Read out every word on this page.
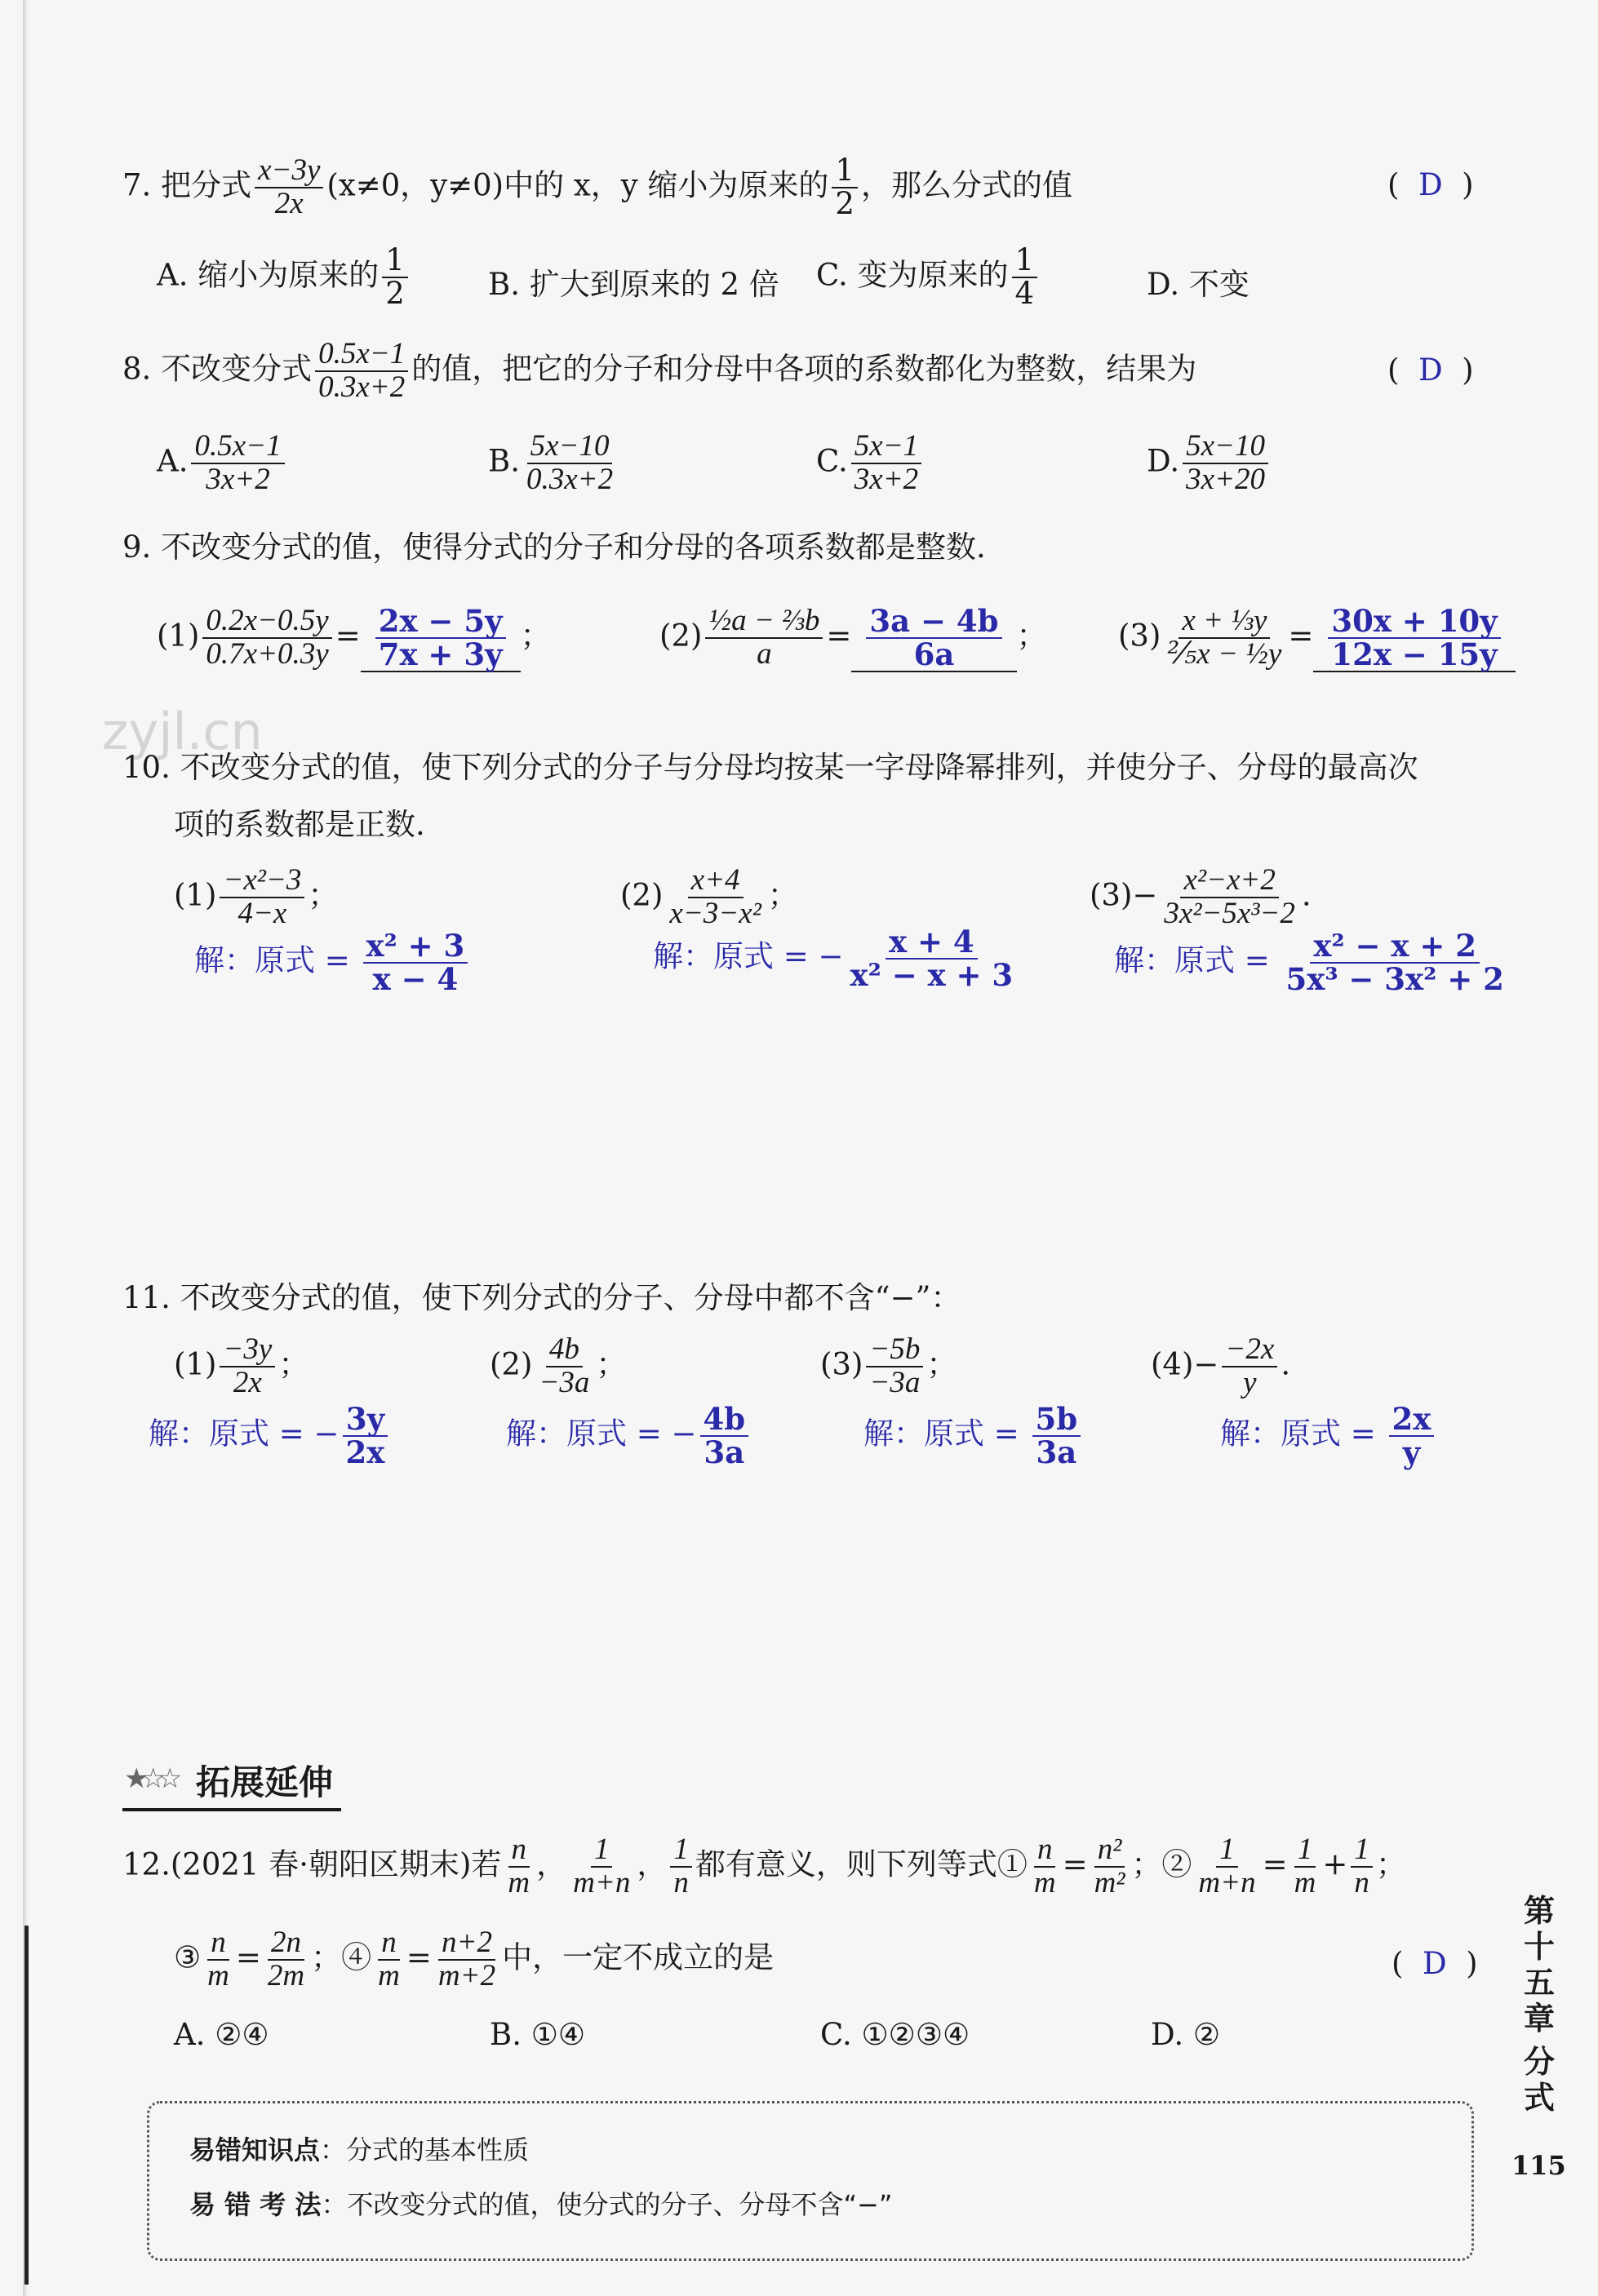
zyjl.cn
7. 把分式 $\frac{x-3y}{2x} (x\ne 0$，y≠0)中的 x，y 缩小为原来的 $\frac{1}{2}$ ，那么分式的值	(  D  )
A. 缩小为原来的 $\frac{1}{2}$	B. 扩大到原来的 2 倍 C. 变为原来的 $\frac{1}{4}$	D. 不变
8. 不改变分式 $\frac{0.5x-1}{0.3x+2}$ 的值，把它的分子和分母中各项的系数都化为整数，结果为	(  D  )
A. $\frac{0.5x-1}{3x+2}$	B. $\frac{5x-10}{0.3x+2}$	C. $\frac{5x-1}{3x+2}$	D. $\frac{5x-10}{3x+20}$
9. 不改变分式的值，使得分式的分子和分母的各项系数都是整数.
$(1) \frac{0.2x-0.5y}{0.7x+0.3y} = \frac{2x - 5y}{7x + 3y}$ ；	$(2) \frac{\text{½a − ⅔b}}{a} = \frac{3a - 4b}{6a}$ ； $(3) \frac{\text{x + ⅓y}}{\text{⅖x − ½y}} = \frac{30x + 10y}{12x - 15y}$
10. 不改变分式的值，使下列分式的分子与分母均按某一字母降幂排列，并使分子、分母的最高次
项的系数都是正数.
$(1) \frac{\text{−x²−3}}{4-x}$ ；	$(2) \frac{x+4}{\text{x−3−x²}}$ ；	$(3)- \frac{\text{x²−x+2}}{\text{3x²−5x³−2}}$ .
解：原式 = $\frac{\text{x² + 3}}{x - 4}$	解：原式 = − $\frac{x + 4}{\text{x² − x + 3}}$	解：原式 = $\frac{\text{x² − x + 2}}{\text{5x³ − 3x² + 2}}$
11. 不改变分式的值，使下列分式的分子、分母中都不含“−”：
$(1) \frac{-3y}{2x}$ ；	$(2) \frac{4b}{-3a}$ ；	$(3) \frac{-5b}{-3a}$ ；	$(4)- \frac{-2x}{y}$ .
解：原式 = − $\frac{3y}{2x}$	解：原式 = − $\frac{4b}{3a}$	解：原式 = $\frac{5b}{3a}$	解：原式 = $\frac{2x}{y}$
拓展延伸
★☆☆
12.(2021 春·朝阳区期末)若 $\frac{n}{m}$ ， $\frac{1}{m+n}$ ， $\frac{1}{n}$ 都有意义，则下列等式① $\frac{n}{m} = \frac{\text{n²}}{\text{m²}}$ ；② $\frac{1}{m+n} = \frac{1}{m} + \frac{1}{n}$ ；
③ $\frac{n}{m} = \frac{2n}{2m}$ ；④ $\frac{n}{m} = \frac{n+2}{m+2}$ 中，一定不成立的是	(  D  )
A. ②④	B. ①④	C. ①②③④	D. ②
第十五章
分式
115
易错知识点：分式的基本性质
易 错 考 法：不改变分式的值，使分式的分子、分母不含“−”
